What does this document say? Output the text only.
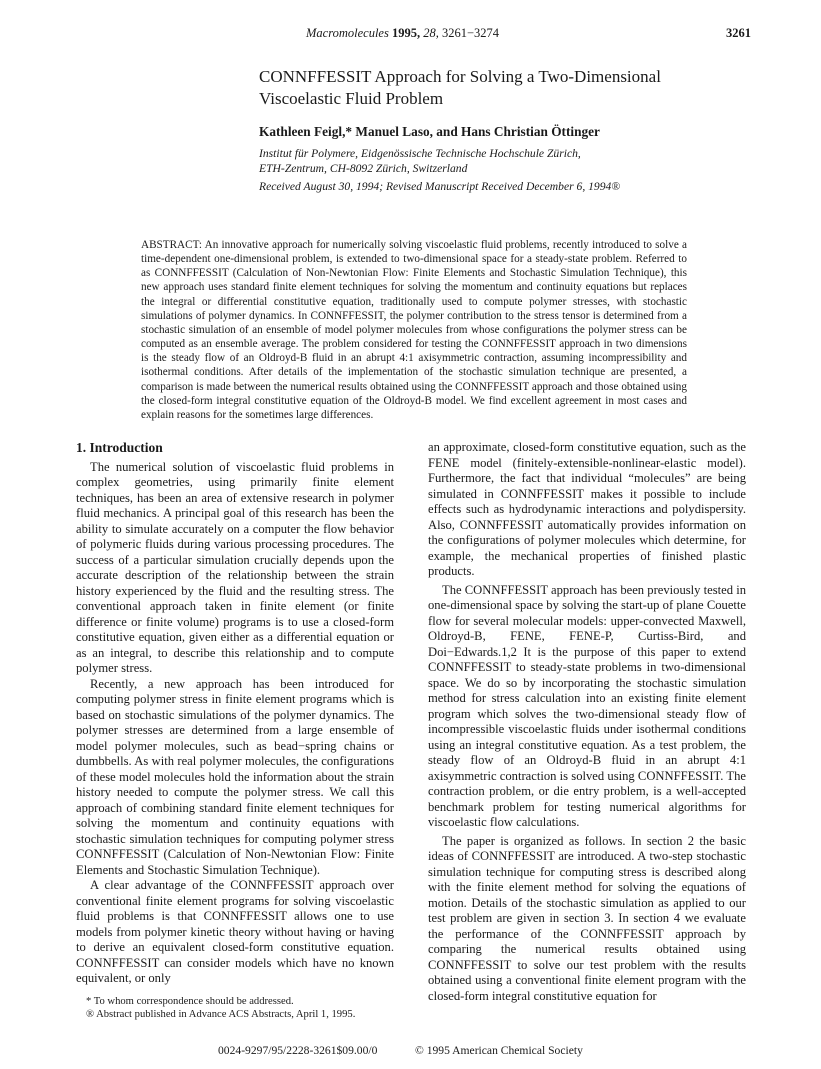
Macromolecules 1995, 28, 3261−3274	3261
CONNFFESSIT Approach for Solving a Two-Dimensional Viscoelastic Fluid Problem
Kathleen Feigl,* Manuel Laso, and Hans Christian Öttinger
Institut für Polymere, Eidgenössische Technische Hochschule Zürich,
ETH-Zentrum, CH-8092 Zürich, Switzerland
Received August 30, 1994; Revised Manuscript Received December 6, 1994®
ABSTRACT: An innovative approach for numerically solving viscoelastic fluid problems, recently introduced to solve a time-dependent one-dimensional problem, is extended to two-dimensional space for a steady-state problem. Referred to as CONNFFESSIT (Calculation of Non-Newtonian Flow: Finite Elements and Stochastic Simulation Technique), this new approach uses standard finite element techniques for solving the momentum and continuity equations but replaces the integral or differential constitutive equation, traditionally used to compute polymer stresses, with stochastic simulations of polymer dynamics. In CONNFFESSIT, the polymer contribution to the stress tensor is determined from a stochastic simulation of an ensemble of model polymer molecules from whose configurations the polymer stress can be computed as an ensemble average. The problem considered for testing the CONNFFESSIT approach in two dimensions is the steady flow of an Oldroyd-B fluid in an abrupt 4:1 axisymmetric contraction, assuming incompressibility and isothermal conditions. After details of the implementation of the stochastic simulation technique are presented, a comparison is made between the numerical results obtained using the CONNFFESSIT approach and those obtained using the closed-form integral constitutive equation of the Oldroyd-B model. We find excellent agreement in most cases and explain reasons for the sometimes large differences.
1. Introduction

The numerical solution of viscoelastic fluid problems in complex geometries, using primarily finite element techniques, has been an area of extensive research in polymer fluid mechanics. A principal goal of this research has been the ability to simulate accurately on a computer the flow behavior of polymeric fluids during various processing procedures. The success of a particular simulation crucially depends upon the accurate description of the relationship between the strain history experienced by the fluid and the resulting stress. The conventional approach taken in finite element (or finite difference or finite volume) programs is to use a closed-form constitutive equation, given either as a differential equation or as an integral, to describe this relationship and to compute polymer stress.

Recently, a new approach has been introduced for computing polymer stress in finite element programs which is based on stochastic simulations of the polymer dynamics. The polymer stresses are determined from a large ensemble of model polymer molecules, such as bead−spring chains or dumbbells. As with real polymer molecules, the configurations of these model molecules hold the information about the strain history needed to compute the polymer stress. We call this approach of combining standard finite element techniques for solving the momentum and continuity equations with stochastic simulation techniques for computing polymer stress CONNFFESSIT (Calculation of Non-Newtonian Flow: Finite Elements and Stochastic Simulation Technique).

A clear advantage of the CONNFFESSIT approach over conventional finite element programs for solving viscoelastic fluid problems is that CONNFFESSIT allows one to use models from polymer kinetic theory without having or having to derive an equivalent closed-form constitutive equation. CONNFFESSIT can consider models which have no known equivalent, or only

an approximate, closed-form constitutive equation, such as the FENE model (finitely-extensible-nonlinear-elastic model). Furthermore, the fact that individual “molecules” are being simulated in CONNFFESSIT makes it possible to include effects such as hydrodynamic interactions and polydispersity. Also, CONNFFESSIT automatically provides information on the configurations of polymer molecules which determine, for example, the mechanical properties of finished plastic products.

The CONNFFESSIT approach has been previously tested in one-dimensional space by solving the start-up of plane Couette flow for several molecular models: upper-convected Maxwell, Oldroyd-B, FENE, FENE-P, Curtiss-Bird, and Doi−Edwards.1,2 It is the purpose of this paper to extend CONNFFESSIT to steady-state problems in two-dimensional space. We do so by incorporating the stochastic simulation method for stress calculation into an existing finite element program which solves the two-dimensional steady flow of incompressible viscoelastic fluids under isothermal conditions using an integral constitutive equation. As a test problem, the steady flow of an Oldroyd-B fluid in an abrupt 4:1 axisymmetric contraction is solved using CONNFFESSIT. The contraction problem, or die entry problem, is a well-accepted benchmark problem for testing numerical algorithms for viscoelastic flow calculations.

The paper is organized as follows. In section 2 the basic ideas of CONNFFESSIT are introduced. A two-step stochastic simulation technique for computing stress is described along with the finite element method for solving the equations of motion. Details of the stochastic simulation as applied to our test problem are given in section 3. In section 4 we evaluate the performance of the CONNFFESSIT approach by comparing the numerical results obtained using CONNFFESSIT to solve our test problem with the results obtained using a conventional finite element program with the closed-form integral constitutive equation for

* To whom correspondence should be addressed.
® Abstract published in Advance ACS Abstracts, April 1, 1995.
0024-9297/95/2228-3261$09.00/0	© 1995 American Chemical Society
